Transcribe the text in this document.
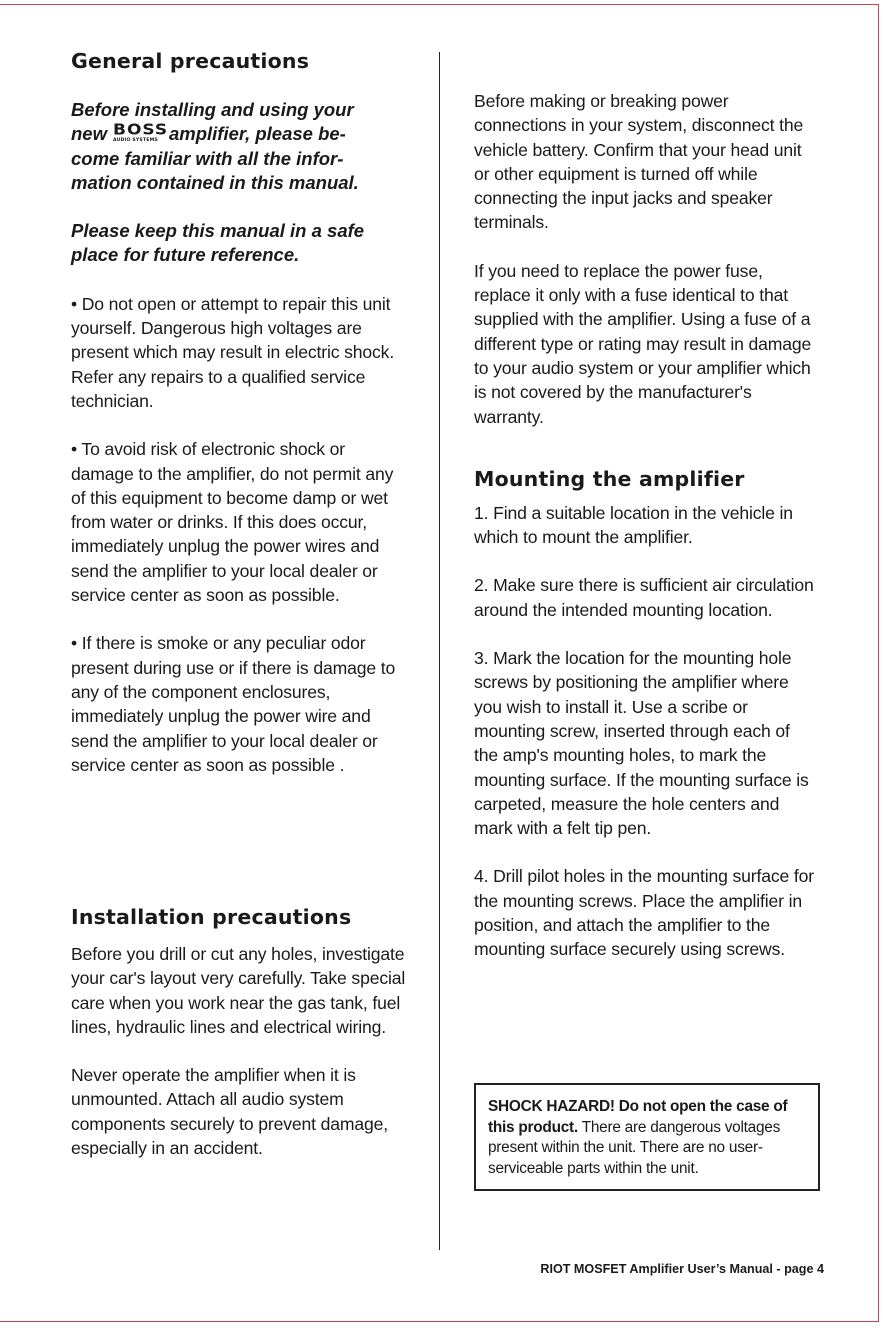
General precautions

Before installing and using your
new BOSS
AUDIO SYSTEMS amplifier, please be-
come familiar with all the infor-
mation contained in this manual.

Please keep this manual in a safe
place for future reference.

• Do not open or attempt to repair this unit yourself. Dangerous high voltages are present which may result in electric shock. Refer any repairs to a qualified service technician.

• To avoid risk of electronic shock or damage to the amplifier, do not permit any of this equipment to become damp or wet from water or drinks. If this does occur, immediately unplug the power wires and send the amplifier to your local dealer or service center as soon as possible.

• If there is smoke or any peculiar odor present during use or if there is damage to any of the component enclosures, immediately unplug the power wire and send the amplifier to your local dealer or service center as soon as possible .

Installation precautions

Before you drill or cut any holes, investigate your car's layout very carefully. Take special care when you work near the gas tank, fuel lines, hydraulic lines and electrical wiring.

Never operate the amplifier when it is unmounted. Attach all audio system components securely to prevent damage, especially in an accident.

Before making or breaking power connections in your system, disconnect the vehicle battery. Confirm that your head unit or other equipment is turned off while connecting the input jacks and speaker terminals.

If you need to replace the power fuse, replace it only with a fuse identical to that supplied with the amplifier. Using a fuse of a different type or rating may result in damage to your audio system or your amplifier which is not covered by the manufacturer's warranty.

Mounting the amplifier

1. Find a suitable location in the vehicle in which to mount the amplifier.

2. Make sure there is sufficient air circulation around the intended mounting location.

3. Mark the location for the mounting hole screws by positioning the amplifier where you wish to install it. Use a scribe or mounting screw, inserted through each of the amp's mounting holes, to mark the mounting surface. If the mounting surface is carpeted, measure the hole centers and mark with a felt tip pen.

4. Drill pilot holes in the mounting surface for the mounting screws. Place the amplifier in position, and attach the amplifier to the mounting surface securely using screws.

SHOCK HAZARD! Do not open the case of this product. There are dangerous voltages present within the unit. There are no user-serviceable parts within the unit.

RIOT MOSFET Amplifier User’s Manual - page 4
